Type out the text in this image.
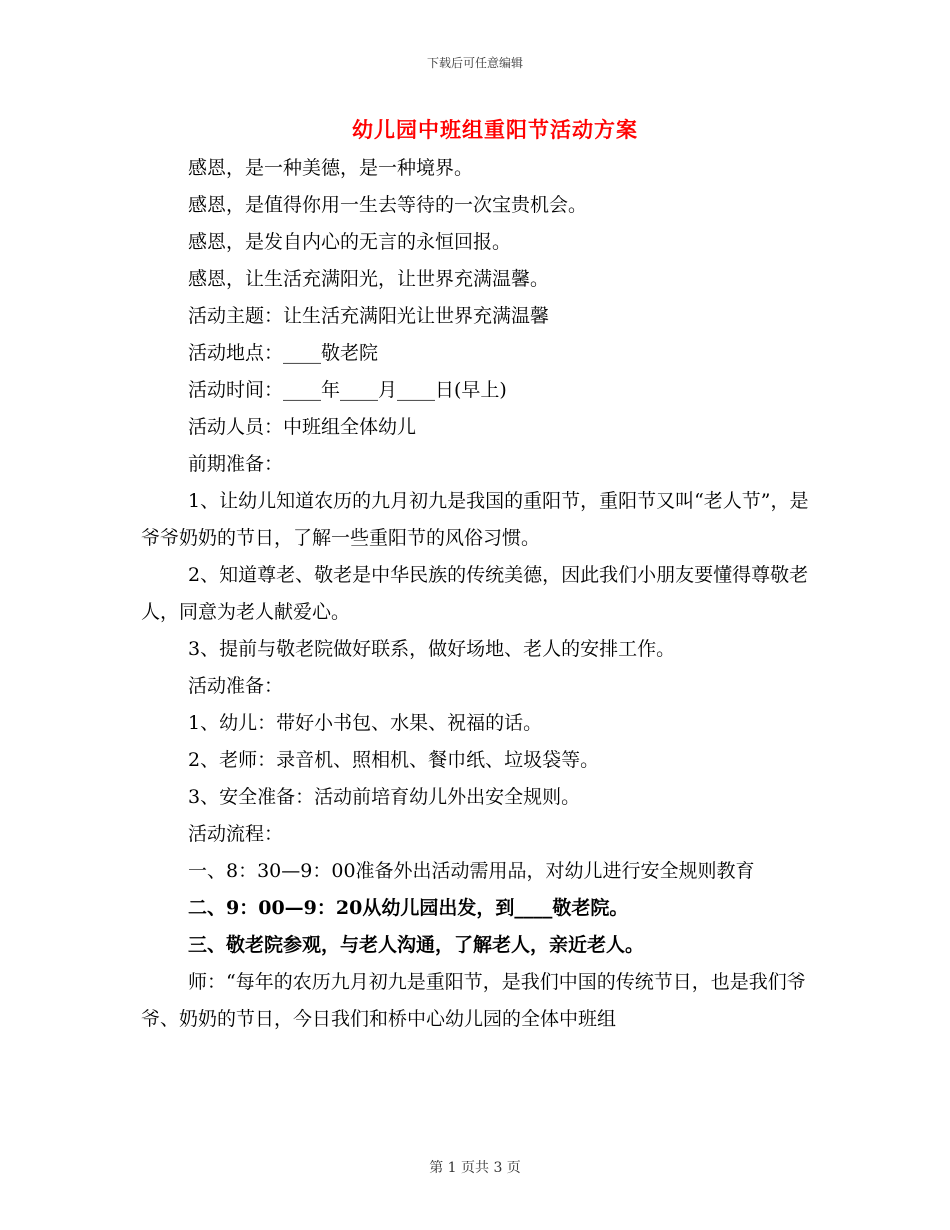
下载后可任意编辑
幼儿园中班组重阳节活动方案

感恩，是一种美德，是一种境界。

感恩，是值得你用一生去等待的一次宝贵机会。

感恩，是发自内心的无言的永恒回报。

感恩，让生活充满阳光，让世界充满温馨。

活动主题：让生活充满阳光让世界充满温馨

活动地点：____敬老院

活动时间：____年____月____日(早上)

活动人员：中班组全体幼儿

前期准备：

1、让幼儿知道农历的九月初九是我国的重阳节，重阳节又叫“老人节”，是爷爷奶奶的节日，了解一些重阳节的风俗习惯。

2、知道尊老、敬老是中华民族的传统美德，因此我们小朋友要懂得尊敬老人，同意为老人献爱心。

3、提前与敬老院做好联系，做好场地、老人的安排工作。

活动准备：

1、幼儿：带好小书包、水果、祝福的话。

2、老师：录音机、照相机、餐巾纸、垃圾袋等。

3、安全准备：活动前培育幼儿外出安全规则。

活动流程：

一、8：30—9：00准备外出活动需用品，对幼儿进行安全规则教育

二、9：00—9：20从幼儿园出发，到____敬老院。

三、敬老院参观，与老人沟通，了解老人，亲近老人。

师：“每年的农历九月初九是重阳节，是我们中国的传统节日，也是我们爷爷、奶奶的节日，今日我们和桥中心幼儿园的全体中班组

第 1 页共 3 页
